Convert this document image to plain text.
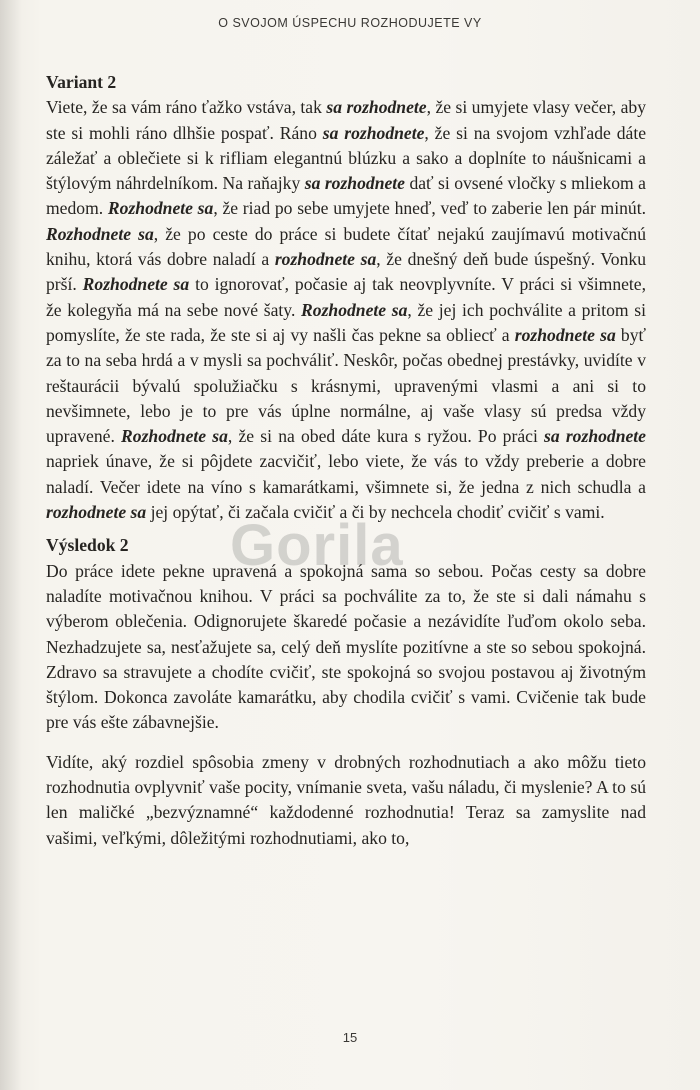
O SVOJOM ÚSPECHU ROZHODUJETE VY

Variant 2

Viete, že sa vám ráno ťažko vstáva, tak sa rozhodnete, že si umyjete vlasy večer, aby ste si mohli ráno dlhšie pospať. Ráno sa rozhodnete, že si na svojom vzhľade dáte záležať a oblečiete si k rifliam elegantnú blúzku a sako a doplníte to náušnicami a štýlovým náhrdelníkom. Na raňajky sa rozhodnete dať si ovsené vločky s mliekom a medom. Rozhodnete sa, že riad po sebe umyjete hneď, veď to zaberie len pár minút. Rozhodnete sa, že po ceste do práce si budete čítať nejakú zaujímavú motivačnú knihu, ktorá vás dobre naladí a rozhodnete sa, že dnešný deň bude úspešný. Vonku prší. Rozhodnete sa to ignorovať, počasie aj tak neovplyvníte. V práci si všimnete, že kolegyňa má na sebe nové šaty. Rozhodnete sa, že jej ich pochválite a pritom si pomyslíte, že ste rada, že ste si aj vy našli čas pekne sa obliecť a rozhodnete sa byť za to na seba hrdá a v mysli sa pochváliť. Neskôr, počas obednej prestávky, uvidíte v reštaurácii bývalú spolužiačku s krásnymi, upravenými vlasmi a ani si to nevšimnete, lebo je to pre vás úplne normálne, aj vaše vlasy sú predsa vždy upravené. Rozhodnete sa, že si na obed dáte kura s ryžou. Po práci sa rozhodnete napriek únave, že si pôjdete zacvičiť, lebo viete, že vás to vždy preberie a dobre naladí. Večer idete na víno s kamarátkami, všimnete si, že jedna z nich schudla a rozhodnete sa jej opýtať, či začala cvičiť a či by nechcela chodiť cvičiť s vami.

Výsledok 2

Do práce idete pekne upravená a spokojná sama so sebou. Počas cesty sa dobre naladíte motivačnou knihou. V práci sa pochválite za to, že ste si dali námahu s výberom oblečenia. Odignorujete škaredé počasie a nezávidíte ľuďom okolo seba. Nezhadzujete sa, nesťažujete sa, celý deň myslíte pozitívne a ste so sebou spokojná. Zdravo sa stravujete a chodíte cvičiť, ste spokojná so svojou postavou aj životným štýlom. Dokonca zavoláte kamarátku, aby chodila cvičiť s vami. Cvičenie tak bude pre vás ešte zábavnejšie.

Vidíte, aký rozdiel spôsobia zmeny v drobných rozhodnutiach a ako môžu tieto rozhodnutia ovplyvniť vaše pocity, vnímanie sveta, vašu náladu, či myslenie? A to sú len maličké „bezvýznamné“ každodenné rozhodnutia! Teraz sa zamyslite nad vašimi, veľkými, dôležitými rozhodnutiami, ako to,

Gorila
15
